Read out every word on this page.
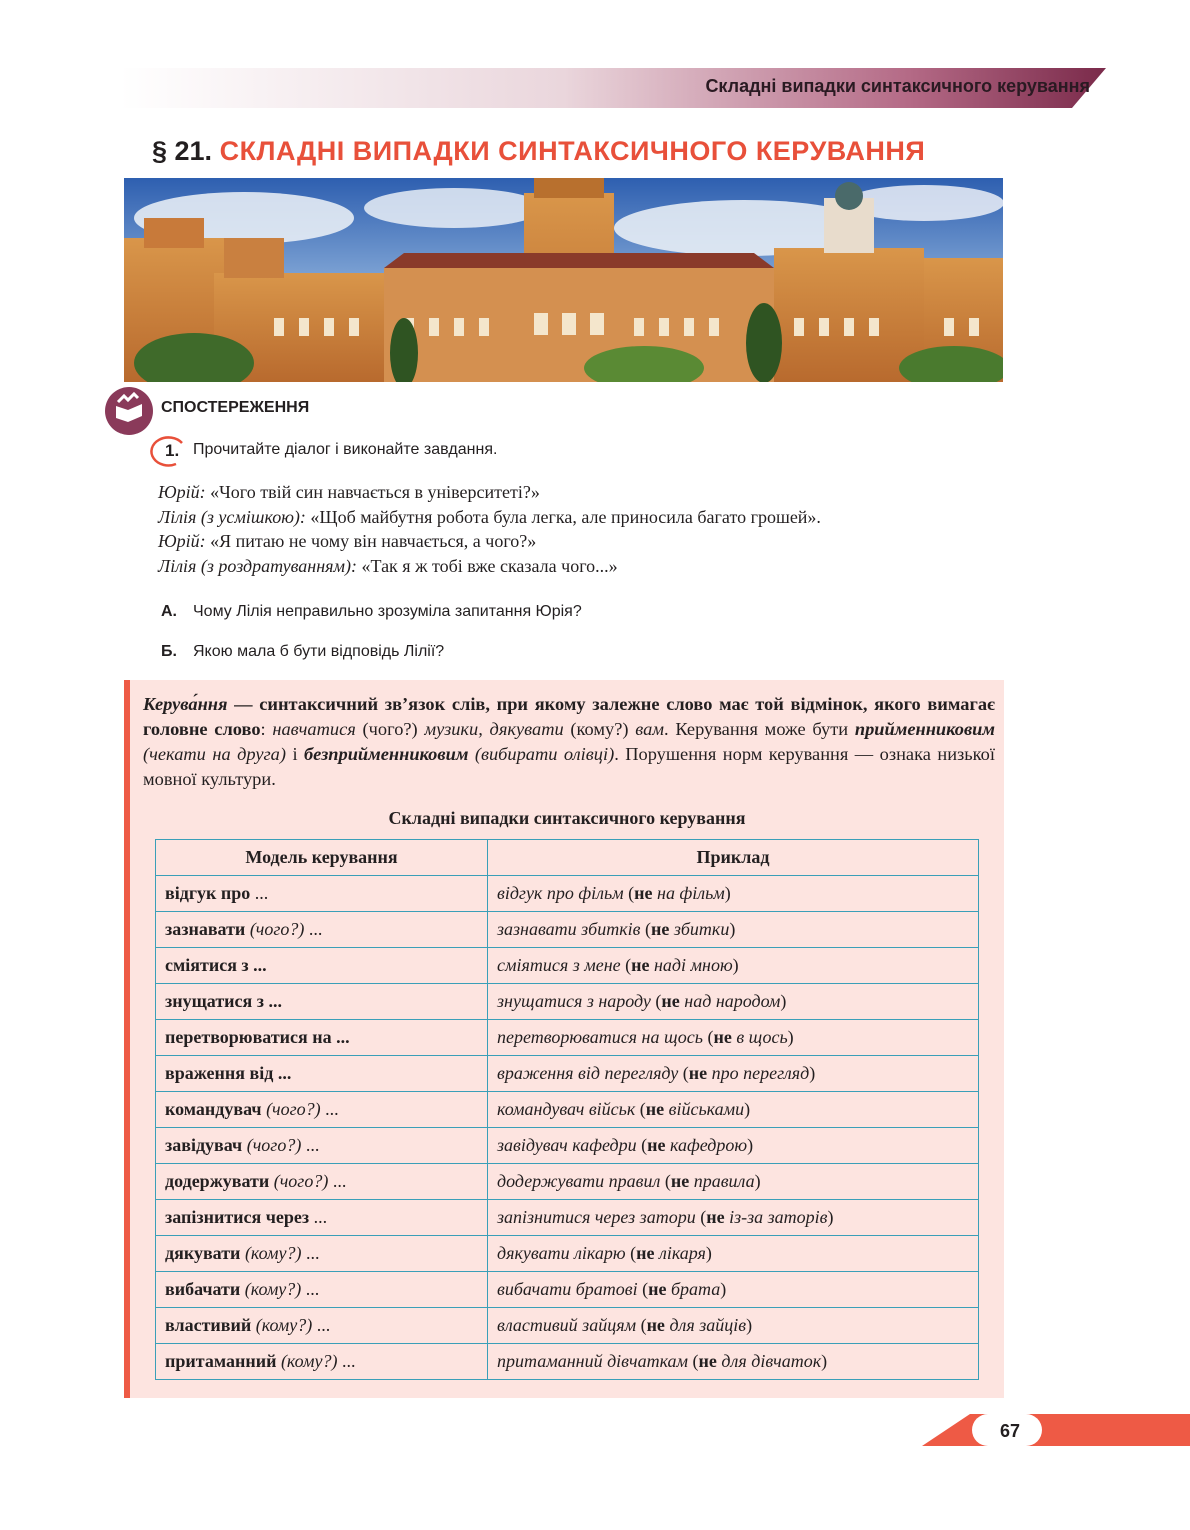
Складні випадки синтаксичного керування
§ 21. СКЛАДНІ ВИПАДКИ СИНТАКСИЧНОГО КЕРУВАННЯ
СПОСТЕРЕЖЕННЯ
1. Прочитайте діалог і виконайте завдання.
Юрій: «Чого твій син навчається в університеті?»
Лілія (з усмішкою): «Щоб майбутня робота була легка, але приносила багато грошей».
Юрій: «Я питаю не чому він навчається, а чого?»
Лілія (з роздратуванням): «Так я ж тобі вже сказала чого...»
А. Чому Лілія неправильно зрозуміла запитання Юрія?
Б. Якою мала б бути відповідь Лілії?
Керува́ння — синтаксичний зв’язок слів, при якому залежне слово має той відмінок, якого вимагає головне слово: навчатися (чого?) музики, дякувати (кому?) вам. Керування може бути прийменниковим (чекати на друга) і безприйменниковим (вибирати олівці). Порушення норм керування — ознака низької мовної культури.
Складні випадки синтаксичного керування
Модель керування	Приклад
відгук про ...	відгук про фільм (не на фільм)
зазнавати (чого?) ...	зазнавати збитків (не збитки)
сміятися з ...	сміятися з мене (не наді мною)
знущатися з ...	знущатися з народу (не над народом)
перетворюватися на ...	перетворюватися на щось (не в щось)
враження від ...	враження від перегляду (не про перегляд)
командувач (чого?) ...	командувач військ (не військами)
завідувач (чого?) ...	завідувач кафедри (не кафедрою)
додержувати (чого?) ...	додержувати правил (не правила)
запізнитися через ...	запізнитися через затори (не із-за заторів)
дякувати (кому?) ...	дякувати лікарю (не лікаря)
вибачати (кому?) ...	вибачати братові (не брата)
властивий (кому?) ...	властивий зайцям (не для зайців)
притаманний (кому?) ...	притаманний дівчаткам (не для дівчаток)
67
